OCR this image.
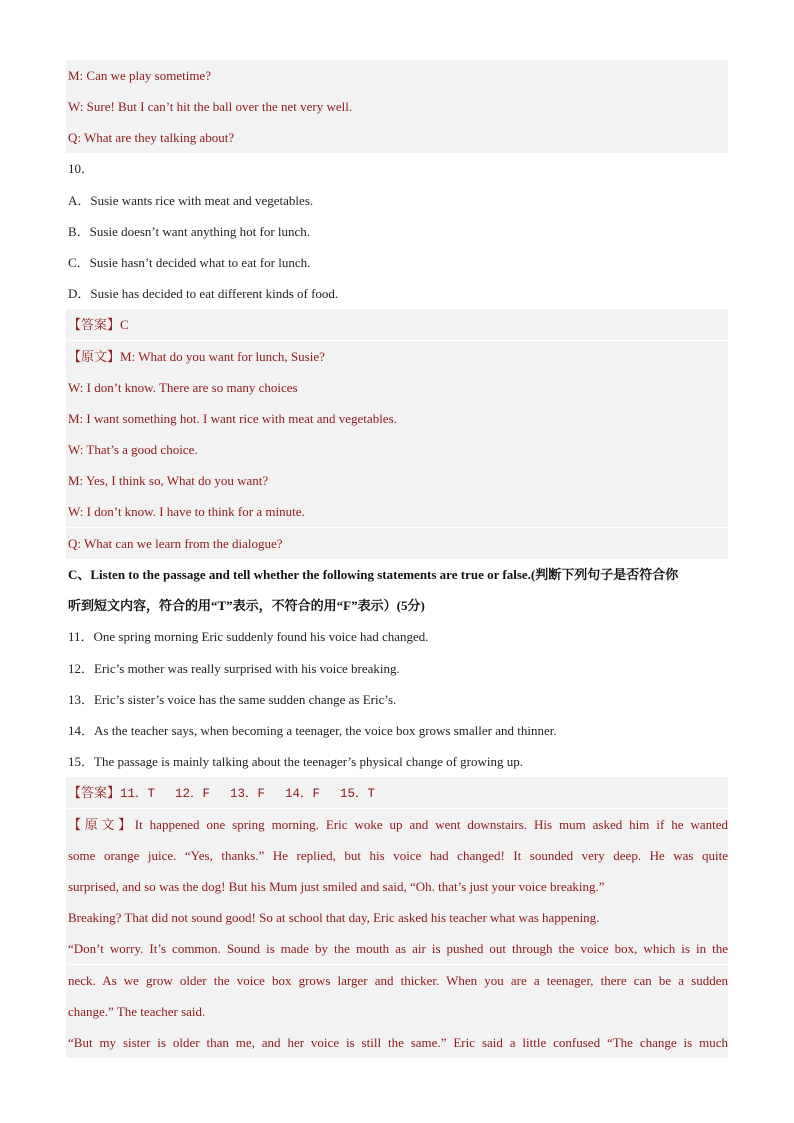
M: Can we play sometime?
W: Sure! But I can’t hit the ball over the net very well.
Q: What are they talking about?
10．
A．Susie wants rice with meat and vegetables.
B．Susie doesn’t want anything hot for lunch.
C．Susie hasn’t decided what to eat for lunch.
D．Susie has decided to eat different kinds of food.
【答案】C
【原文】M: What do you want for lunch, Susie?
W: I don’t know. There are so many choices
M: I want something hot. I want rice with meat and vegetables.
W: That’s a good choice.
M: Yes, I think so, What do you want?
W: I don’t know. I have to think for a minute.
Q: What can we learn from the dialogue?
C、Listen to the passage and tell whether the following statements are true or false.(判断下列句子是否符合你
听到短文内容，符合的用“T”表示，不符合的用“F”表示）(5分)
11．One spring morning Eric suddenly found his voice had changed.
12．Eric’s mother was really surprised with his voice breaking.
13．Eric’s sister’s voice has the same sudden change as Eric’s.
14．As the teacher says, when becoming a teenager, the voice box grows smaller and thinner.
15．The passage is mainly talking about the teenager’s physical change of growing up.
【答案】11．T　 12．F　 13．F　 14．F　 15．T
【原文】It happened one spring morning. Eric woke up and went downstairs. His mum asked him if he wanted
some orange juice. “Yes, thanks.” He replied, but his voice had changed! It sounded very deep. He was quite
surprised, and so was the dog! But his Mum just smiled and said, “Oh. that’s just your voice breaking.”
Breaking? That did not sound good! So at school that day, Eric asked his teacher what was happening.
“Don’t worry. It’s common. Sound is made by the mouth as air is pushed out through the voice box, which is in the
neck. As we grow older the voice box grows larger and thicker. When you are a teenager, there can be a sudden
change.” The teacher said.
“But my sister is older than me, and her voice is still the same.” Eric said a little confused “The change is much
